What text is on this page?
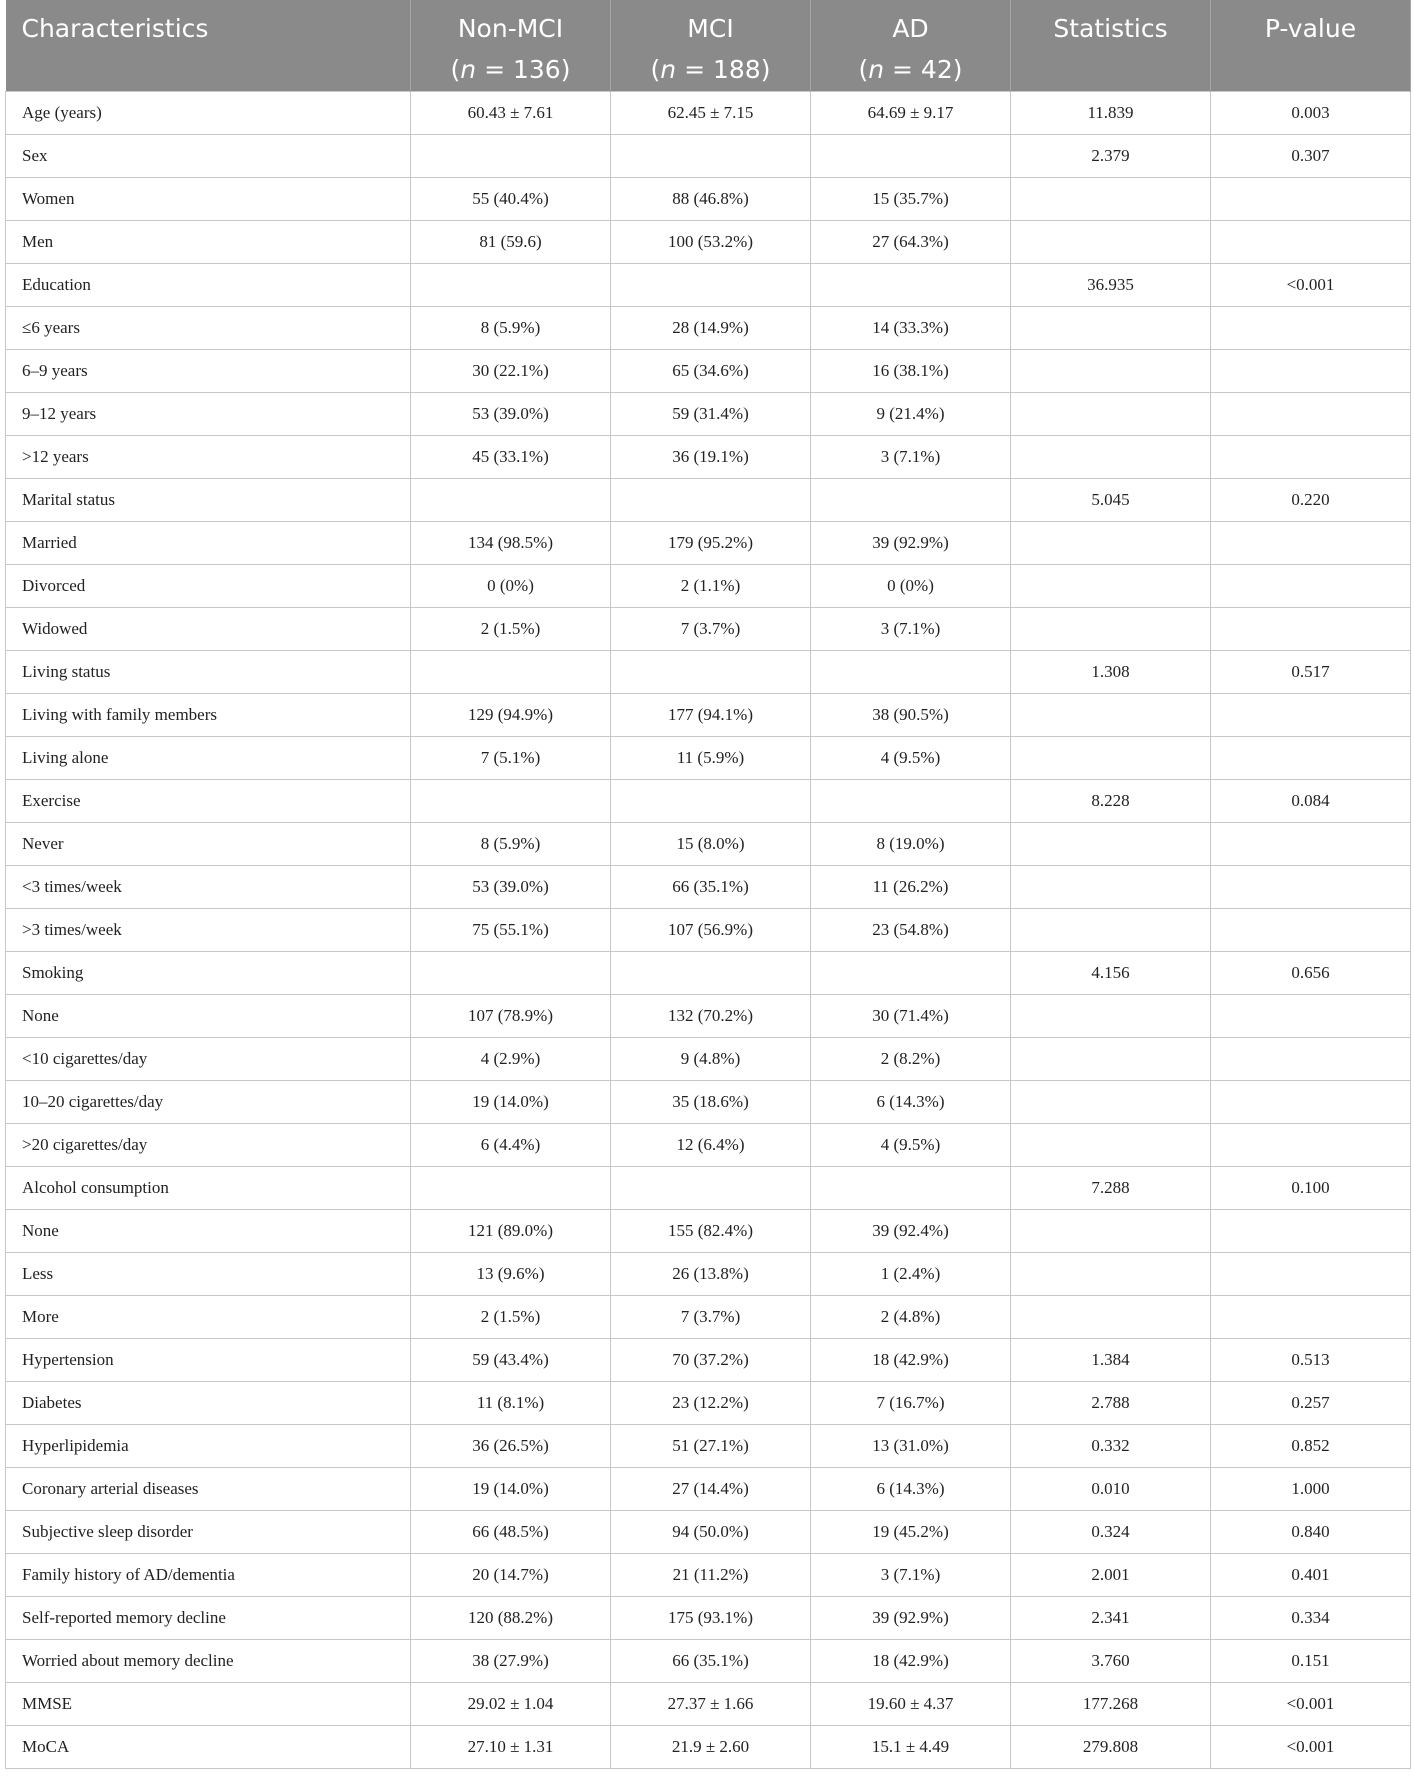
Characteristics	Non-MCI	MCI	AD	Statistics	P-value
	(n = 136)	(n = 188)	(n = 42)		
Age (years)	60.43 ± 7.61	62.45 ± 7.15	64.69 ± 9.17	11.839	0.003
Sex				2.379	0.307
Women	55 (40.4%)	88 (46.8%)	15 (35.7%)		
Men	81 (59.6)	100 (53.2%)	27 (64.3%)		
Education				36.935	<0.001
≤6 years	8 (5.9%)	28 (14.9%)	14 (33.3%)		
6–9 years	30 (22.1%)	65 (34.6%)	16 (38.1%)		
9–12 years	53 (39.0%)	59 (31.4%)	9 (21.4%)		
>12 years	45 (33.1%)	36 (19.1%)	3 (7.1%)		
Marital status				5.045	0.220
Married	134 (98.5%)	179 (95.2%)	39 (92.9%)		
Divorced	0 (0%)	2 (1.1%)	0 (0%)		
Widowed	2 (1.5%)	7 (3.7%)	3 (7.1%)		
Living status				1.308	0.517
Living with family members	129 (94.9%)	177 (94.1%)	38 (90.5%)		
Living alone	7 (5.1%)	11 (5.9%)	4 (9.5%)		
Exercise				8.228	0.084
Never	8 (5.9%)	15 (8.0%)	8 (19.0%)		
<3 times/week	53 (39.0%)	66 (35.1%)	11 (26.2%)		
>3 times/week	75 (55.1%)	107 (56.9%)	23 (54.8%)		
Smoking				4.156	0.656
None	107 (78.9%)	132 (70.2%)	30 (71.4%)		
<10 cigarettes/day	4 (2.9%)	9 (4.8%)	2 (8.2%)		
10–20 cigarettes/day	19 (14.0%)	35 (18.6%)	6 (14.3%)		
>20 cigarettes/day	6 (4.4%)	12 (6.4%)	4 (9.5%)		
Alcohol consumption				7.288	0.100
None	121 (89.0%)	155 (82.4%)	39 (92.4%)		
Less	13 (9.6%)	26 (13.8%)	1 (2.4%)		
More	2 (1.5%)	7 (3.7%)	2 (4.8%)		
Hypertension	59 (43.4%)	70 (37.2%)	18 (42.9%)	1.384	0.513
Diabetes	11 (8.1%)	23 (12.2%)	7 (16.7%)	2.788	0.257
Hyperlipidemia	36 (26.5%)	51 (27.1%)	13 (31.0%)	0.332	0.852
Coronary arterial diseases	19 (14.0%)	27 (14.4%)	6 (14.3%)	0.010	1.000
Subjective sleep disorder	66 (48.5%)	94 (50.0%)	19 (45.2%)	0.324	0.840
Family history of AD/dementia	20 (14.7%)	21 (11.2%)	3 (7.1%)	2.001	0.401
Self-reported memory decline	120 (88.2%)	175 (93.1%)	39 (92.9%)	2.341	0.334
Worried about memory decline	38 (27.9%)	66 (35.1%)	18 (42.9%)	3.760	0.151
MMSE	29.02 ± 1.04	27.37 ± 1.66	19.60 ± 4.37	177.268	<0.001
MoCA	27.10 ± 1.31	21.9 ± 2.60	15.1 ± 4.49	279.808	<0.001
